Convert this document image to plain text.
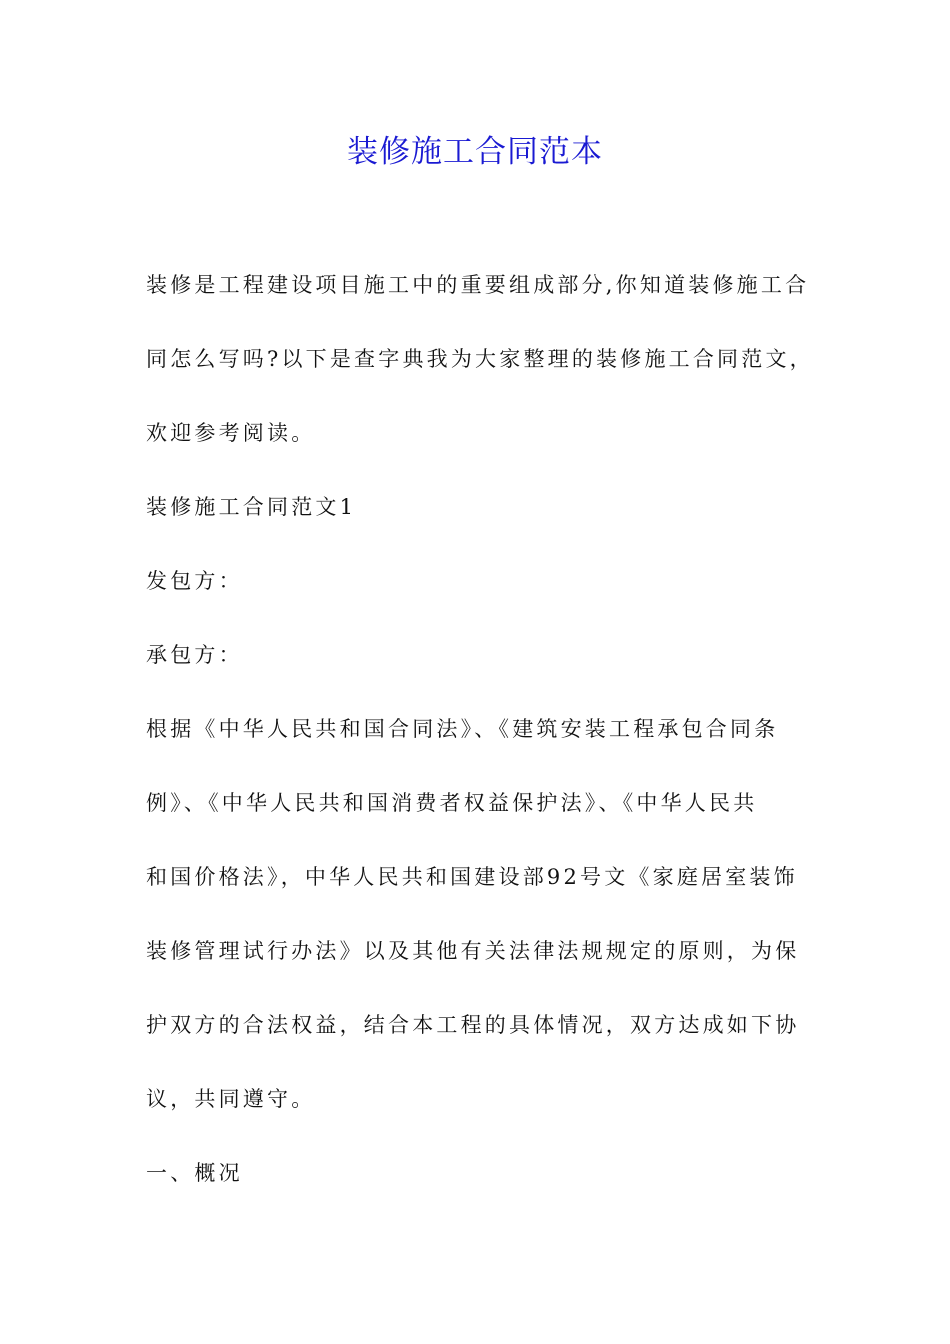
装修施工合同范本
装修是工程建设项目施工中的重要组成部分,你知道装修施工合
同怎么写吗?以下是查字典我为大家整理的装修施工合同范文，
欢迎参考阅读。
装修施工合同范文1
发包方：
承包方：
根据《中华人民共和国合同法》、《建筑安装工程承包合同条
例》、《中华人民共和国消费者权益保护法》、《中华人民共
和国价格法》，中华人民共和国建设部92号文《家庭居室装饰
装修管理试行办法》以及其他有关法律法规规定的原则，为保
护双方的合法权益，结合本工程的具体情况，双方达成如下协
议，共同遵守。
一、概况
